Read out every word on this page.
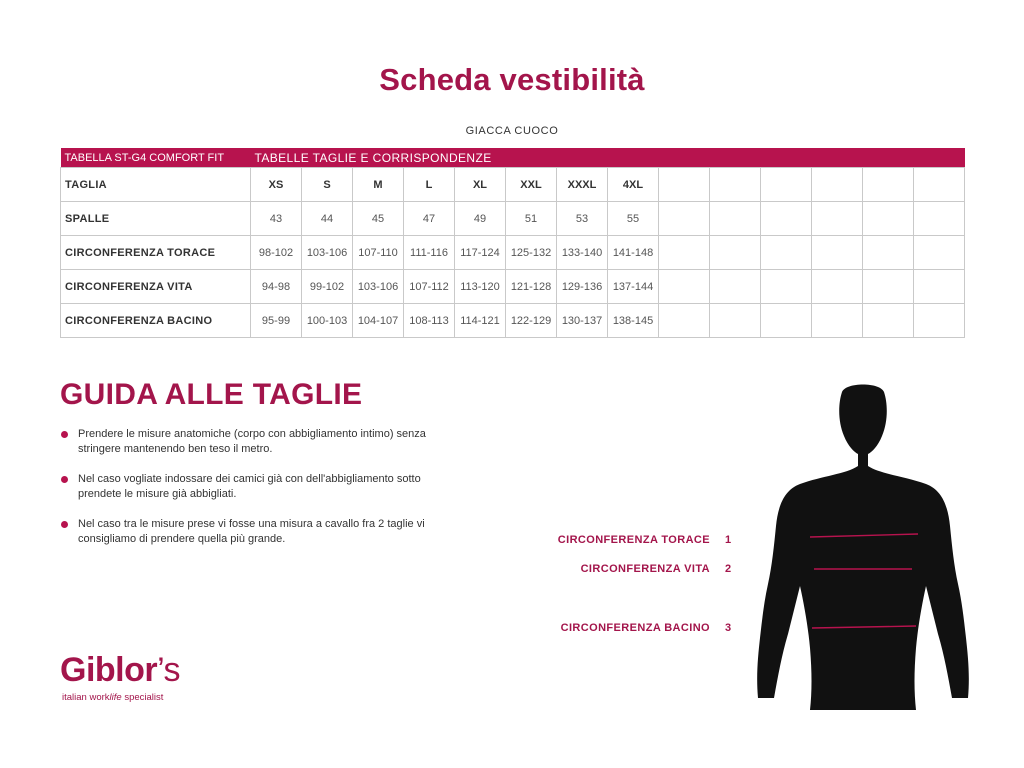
Scheda vestibilità
GIACCA CUOCO
TABELLA ST-G4 COMFORT FIT	TABELLE TAGLIE E CORRISPONDENZE													
TAGLIA	XS	S	M	L	XL	XXL	XXXL	4XL						
SPALLE	43	44	45	47	49	51	53	55						
CIRCONFERENZA TORACE	98-102	103-106	107-110	111-116	117-124	125-132	133-140	141-148						
CIRCONFERENZA VITA	94-98	99-102	103-106	107-112	113-120	121-128	129-136	137-144						
CIRCONFERENZA BACINO	95-99	100-103	104-107	108-113	114-121	122-129	130-137	138-145						
GUIDA ALLE TAGLIE
Prendere le misure anatomiche (corpo con abbigliamento intimo) senza stringere mantenendo ben teso il metro.
Nel caso vogliate indossare dei camici già con dell'abbigliamento sotto prendete le misure già abbigliati.
Nel caso tra le misure prese vi fosse una misura a cavallo fra 2 taglie vi consigliamo di prendere quella più grande.	CIRCONFERENZA TORACE 1
CIRCONFERENZA VITA 2
CIRCONFERENZA BACINO 3
Giblor’s
italian worklife specialist
